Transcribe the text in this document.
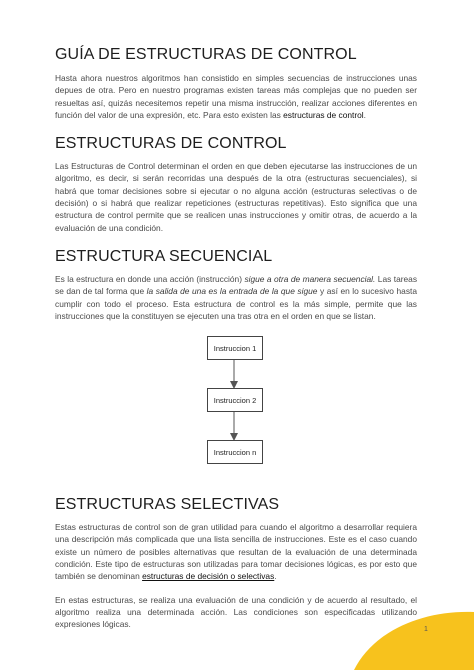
GUÍA DE ESTRUCTURAS DE CONTROL

Hasta ahora nuestros algoritmos han consistido en simples secuencias de instrucciones unas depues de otra. Pero en nuestro programas existen tareas más complejas que no pueden ser resueltas así, quizás necesitemos repetir una misma instrucción, realizar acciones diferentes en función del valor de una expresión, etc. Para esto existen las estructuras de control.

ESTRUCTURAS DE CONTROL

Las Estructuras de Control determinan el orden en que deben ejecutarse las instrucciones de un algoritmo, es decir, si serán recorridas una después de la otra (estructuras secuenciales), si habrá que tomar decisiones sobre si ejecutar o no alguna acción (estructuras selectivas o de decisión) o si habrá que realizar repeticiones (estructuras repetitivas). Esto significa que una estructura de control permite que se realicen unas instrucciones y omitir otras, de acuerdo a la evaluación de una condición.

ESTRUCTURA SECUENCIAL

Es la estructura en donde una acción (instrucción) sigue a otra de manera secuencial. Las tareas se dan de tal forma que la salida de una es la entrada de la que sigue y así en lo sucesivo hasta cumplir con todo el proceso. Esta estructura de control es la más simple, permite que las instrucciones que la constituyen se ejecuten una tras otra en el orden en que se listan.

Instruccion 1
Instruccion 2
Instruccion n
ESTRUCTURAS SELECTIVAS

Estas estructuras de control son de gran utilidad para cuando el algoritmo a desarrollar requiera una descripción más complicada que una lista sencilla de instrucciones. Este es el caso cuando existe un número de posibles alternativas que resultan de la evaluación de una determinada condición. Este tipo de estructuras son utilizadas para tomar decisiones lógicas, es por esto que también se denominan estructuras de decisión o selectivas.

En estas estructuras, se realiza una evaluación de una condición y de acuerdo al resultado, el algoritmo realiza una determinada acción. Las condiciones son especificadas utilizando expresiones lógicas.

1
